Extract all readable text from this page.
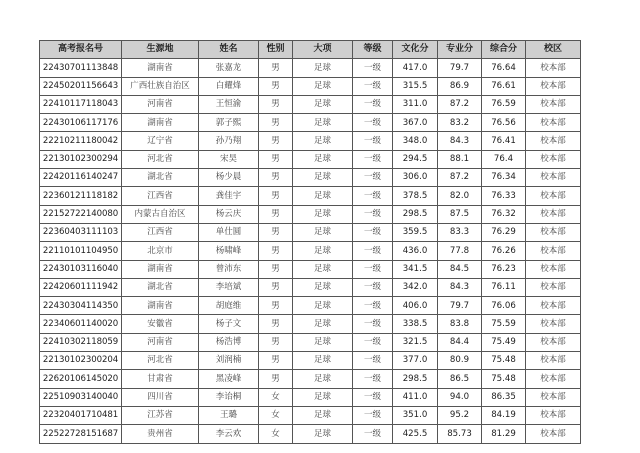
高考报名号	生源地	姓名	性别	大项	等级	文化分	专业分	综合分	校区
22430701113848	湖南省	张嘉龙	男	足球	一级	417.0	79.7	76.64	校本部
22450201156643	广西壮族自治区	白耀烽	男	足球	一级	315.5	86.9	76.61	校本部
22410117118043	河南省	王恒渝	男	足球	一级	311.0	87.2	76.59	校本部
22430106117176	湖南省	郭子熙	男	足球	一级	367.0	83.2	76.56	校本部
22210211180042	辽宁省	孙乃翔	男	足球	一级	348.0	84.3	76.41	校本部
22130102300294	河北省	宋昊	男	足球	一级	294.5	88.1	76.4	校本部
22420116140247	湖北省	杨少晨	男	足球	一级	306.0	87.2	76.34	校本部
22360121118182	江西省	龚佳宇	男	足球	一级	378.5	82.0	76.33	校本部
22152722140080	内蒙古自治区	杨云庆	男	足球	一级	298.5	87.5	76.32	校本部
22360403111103	江西省	单仕圆	男	足球	一级	359.5	83.3	76.29	校本部
22110101104950	北京市	杨啸峰	男	足球	一级	436.0	77.8	76.26	校本部
22430103116040	湖南省	曾沛东	男	足球	一级	341.5	84.5	76.23	校本部
22420601111942	湖北省	李培斌	男	足球	一级	342.0	84.3	76.11	校本部
22430304114350	湖南省	胡庭维	男	足球	一级	406.0	79.7	76.06	校本部
22340601140020	安徽省	杨子文	男	足球	一级	338.5	83.8	75.59	校本部
22410302118059	河南省	杨浩博	男	足球	一级	321.5	84.4	75.49	校本部
22130102300204	河北省	刘润楠	男	足球	一级	377.0	80.9	75.48	校本部
22620106145020	甘肃省	黑凌峰	男	足球	一级	298.5	86.5	75.48	校本部
22510903140040	四川省	李诒桐	女	足球	一级	411.0	94.0	86.35	校本部
22320401710481	江苏省	王璐	女	足球	一级	351.0	95.2	84.19	校本部
22522728151687	贵州省	李云欢	女	足球	一级	425.5	85.73	81.29	校本部
